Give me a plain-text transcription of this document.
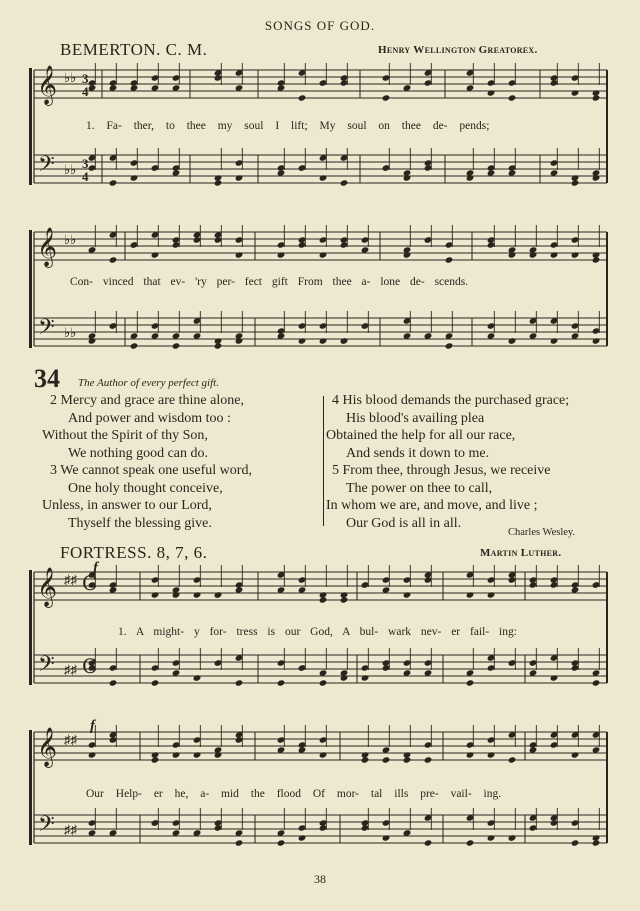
SONGS OF GOD.
BEMERTON. C. M.	Henry Wellington Greatorex.
𝄞
𝄢
♭♭
♭♭
𝄞
𝄢
♭♭
♭♭
3
4
3
4
𝄞
𝄢
♯♯
♯♯
𝄞
𝄢
♯♯
♯♯
C
C
1. Fa- ther, to thee my soul I lift; My soul on thee de- pends;
Con- vinced that ev- 'ry per- fect gift From thee a- lone de- scends.
34 The Author of every perfect gift.
2 Mercy and grace are thine alone,
And power and wisdom too :
Without the Spirit of thy Son,
We nothing good can do.
3 We cannot speak one useful word,
One holy thought conceive,
Unless, in answer to our Lord,
Thyself the blessing give.
4 His blood demands the purchased grace;
His blood's availing plea
Obtained the help for all our race,
And sends it down to me.
5 From thee, through Jesus, we receive
The power on thee to call,
In whom we are, and move, and live ;
Our God is all in all.
Charles Wesley.
FORTRESS. 8, 7, 6.	Martin Luther.
1. A might- y for- tress is our God, A bul- wark nev- er fail- ing:
Our Help- er he, a- mid the flood Of mor- tal ills pre- vail- ing.
f
f
38
